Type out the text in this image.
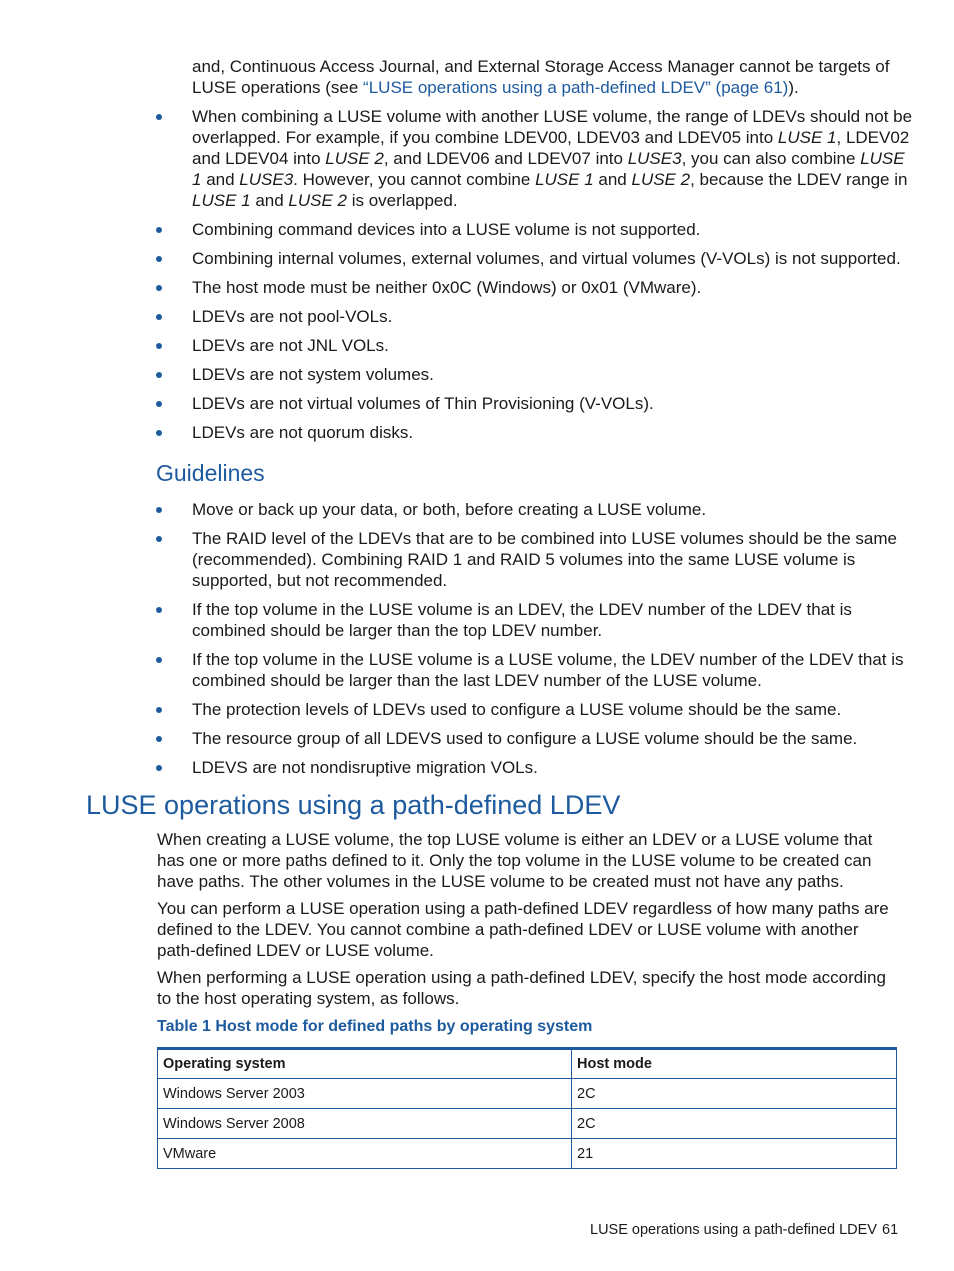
and, Continuous Access Journal, and External Storage Access Manager cannot be targets of LUSE operations (see “LUSE operations using a path-defined LDEV” (page 61)).

When combining a LUSE volume with another LUSE volume, the range of LDEVs should not be overlapped. For example, if you combine LDEV00, LDEV03 and LDEV05 into LUSE 1, LDEV02 and LDEV04 into LUSE 2, and LDEV06 and LDEV07 into LUSE3, you can also combine LUSE 1 and LUSE3. However, you cannot combine LUSE 1 and LUSE 2, because the LDEV range in LUSE 1 and LUSE 2 is overlapped.
Combining command devices into a LUSE volume is not supported.
Combining internal volumes, external volumes, and virtual volumes (V-VOLs) is not supported.
The host mode must be neither 0x0C (Windows) or 0x01 (VMware).
LDEVs are not pool-VOLs.
LDEVs are not JNL VOLs.
LDEVs are not system volumes.
LDEVs are not virtual volumes of Thin Provisioning (V-VOLs).
LDEVs are not quorum disks.
Guidelines
Move or back up your data, or both, before creating a LUSE volume.
The RAID level of the LDEVs that are to be combined into LUSE volumes should be the same (recommended). Combining RAID 1 and RAID 5 volumes into the same LUSE volume is supported, but not recommended.
If the top volume in the LUSE volume is an LDEV, the LDEV number of the LDEV that is combined should be larger than the top LDEV number.
If the top volume in the LUSE volume is a LUSE volume, the LDEV number of the LDEV that is combined should be larger than the last LDEV number of the LUSE volume.
The protection levels of LDEVs used to configure a LUSE volume should be the same.
The resource group of all LDEVS used to configure a LUSE volume should be the same.
LDEVS are not nondisruptive migration VOLs.
LUSE operations using a path-defined LDEV

When creating a LUSE volume, the top LUSE volume is either an LDEV or a LUSE volume that has one or more paths defined to it. Only the top volume in the LUSE volume to be created can have paths. The other volumes in the LUSE volume to be created must not have any paths.

You can perform a LUSE operation using a path-defined LDEV regardless of how many paths are defined to the LDEV. You cannot combine a path-defined LDEV or LUSE volume with another path-defined LDEV or LUSE volume.

When performing a LUSE operation using a path-defined LDEV, specify the host mode according to the host operating system, as follows.

Table 1 Host mode for defined paths by operating system
Operating system	Host mode
Windows Server 2003	2C
Windows Server 2008	2C
VMware	21
LUSE operations using a path-defined LDEV 61
